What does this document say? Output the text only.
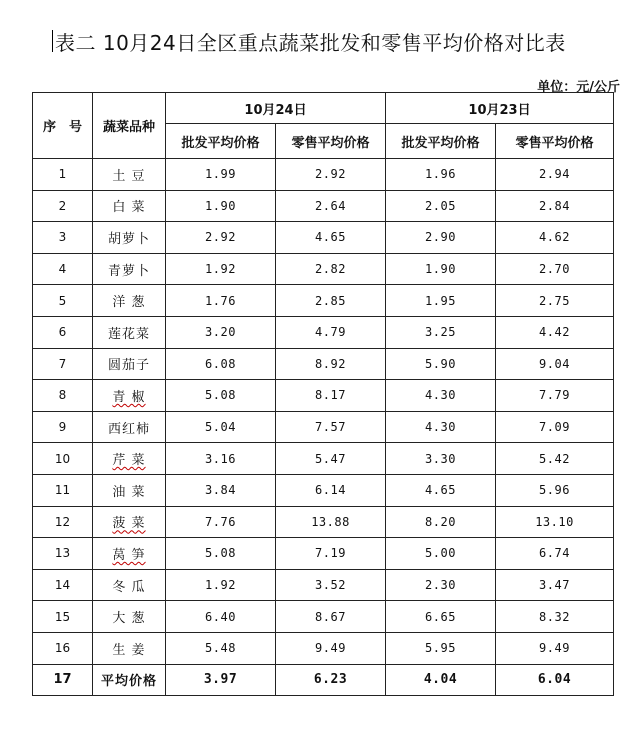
表二 10月24日全区重点蔬菜批发和零售平均价格对比表
单位：元/公斤
序　号	蔬菜品种	10月24日		10月23日	
		批发平均价格	零售平均价格	批发平均价格	零售平均价格
1	土 豆	1.99	2.92	1.96	2.94
2	白 菜	1.90	2.64	2.05	2.84
3	胡萝卜	2.92	4.65	2.90	4.62
4	青萝卜	1.92	2.82	1.90	2.70
5	洋 葱	1.76	2.85	1.95	2.75
6	莲花菜	3.20	4.79	3.25	4.42
7	圆茄子	6.08	8.92	5.90	9.04
8	青 椒	5.08	8.17	4.30	7.79
9	西红柿	5.04	7.57	4.30	7.09
10	芹 菜	3.16	5.47	3.30	5.42
11	油 菜	3.84	6.14	4.65	5.96
12	菠 菜	7.76	13.88	8.20	13.10
13	莴 笋	5.08	7.19	5.00	6.74
14	冬 瓜	1.92	3.52	2.30	3.47
15	大 葱	6.40	8.67	6.65	8.32
16	生 姜	5.48	9.49	5.95	9.49
17	平均价格	3.97	6.23	4.04	6.04
